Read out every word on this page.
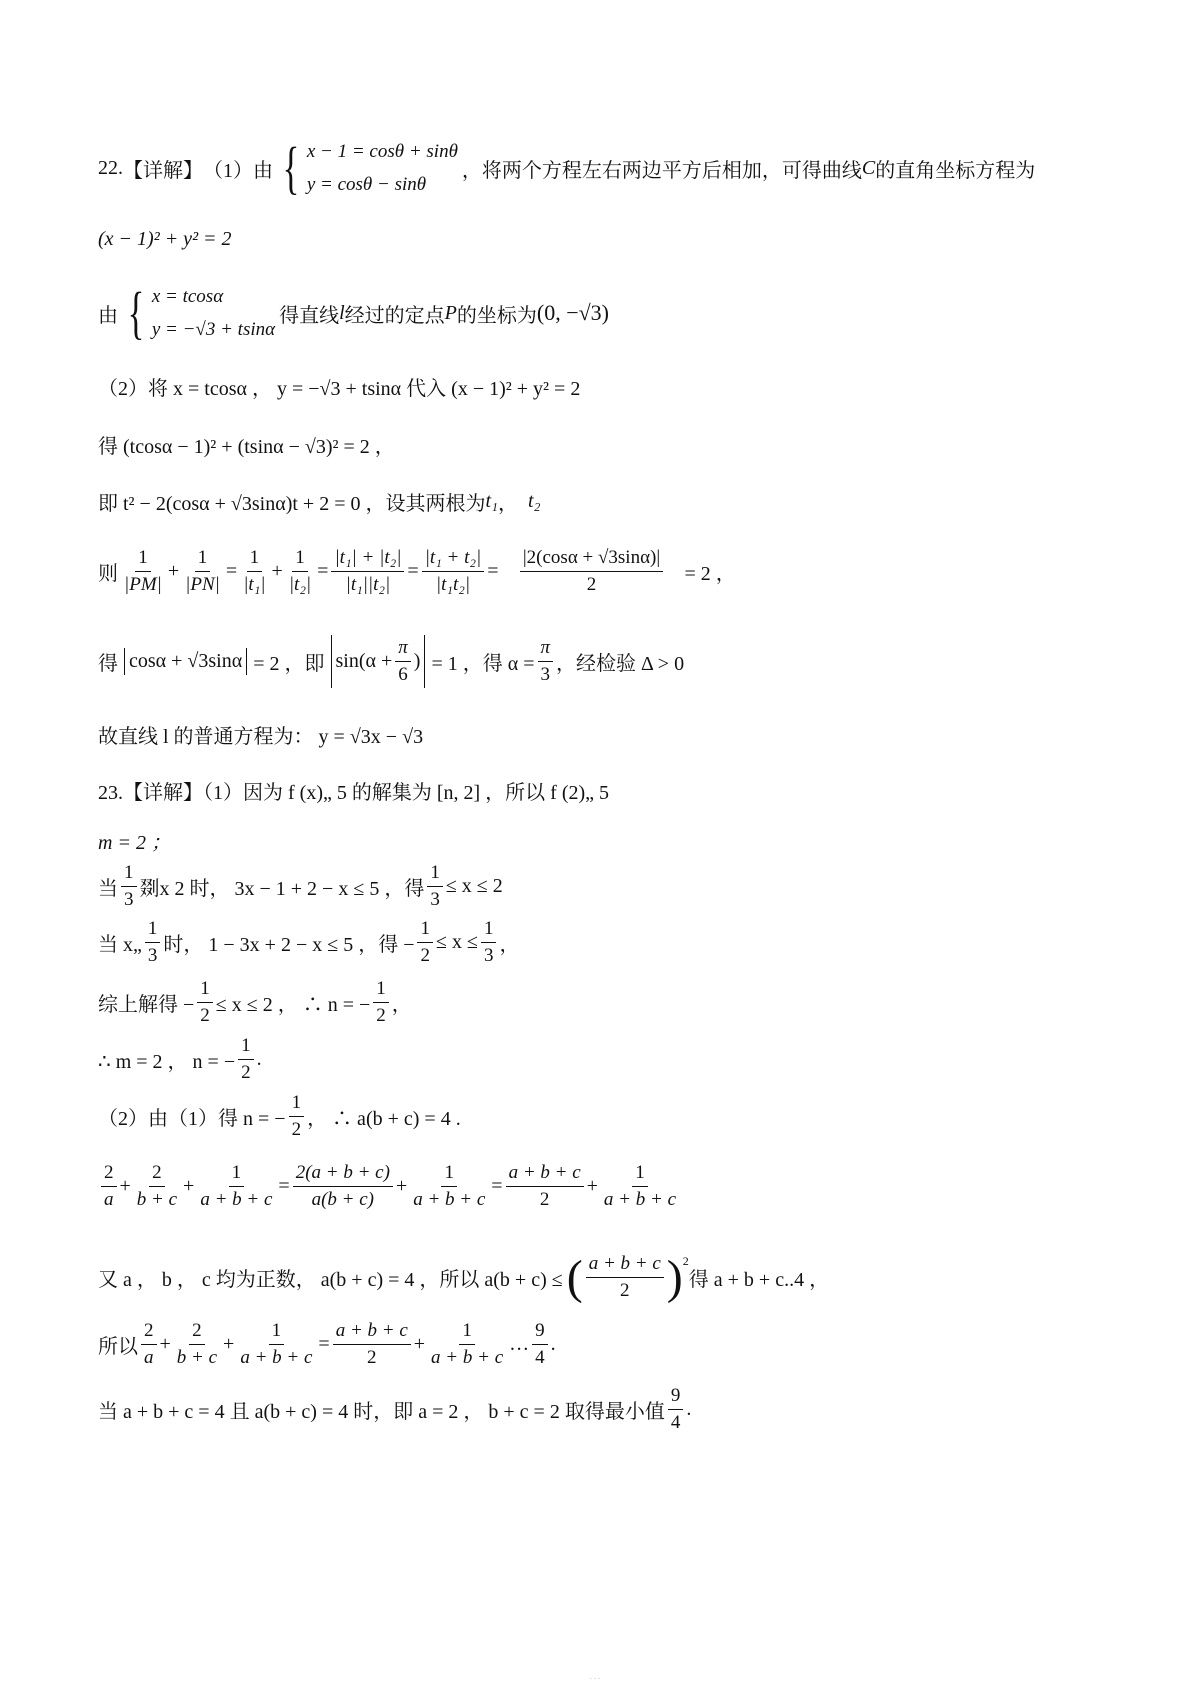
22. 【详解】 （1）由 { x − 1 = cosθ + sinθ
y = cosθ − sinθ
，将两个方程左右两边平方后相加，可得曲线 C 的直角坐标方程为
(x − 1)² + y² = 2
由 { x = tcosα
y = −√3 + tsinα
得直线 l 经过的定点 P 的坐标为 (0, −√3)
（2）将 x = tcosα ， y = −√3 + tsinα 代入 (x − 1)² + y² = 2
得 (tcosα − 1)² + (tsinα − √3)² = 2 ，
即 t² − 2(cosα + √3sinα)t + 2 = 0 ，设其两根为 t₁ ， t₂
则 $\frac{1}{|PM|} + \frac{1}{|PN|} = \frac{1}{\text{|t₁|}} + \frac{1}{\text{|t₂|}} = \frac{\text{|t₁| + |t₂|}}{\text{|t₁||t₂|}} = \frac{\text{|t₁ + t₂|}}{\text{|t₁t₂|}} = \frac{|2(\cos\alpha + √3\sin\alpha)|}{2} = 2$ ，
得 cosα + √3sinα = 2 ，即 $\sin(\alpha + \frac{\pi}{6}$ ) = 1 ，得 $\alpha = \frac{\pi}{3}$ ，经检验 Δ > 0
故直线 l 的普通方程为： y = √3x − √3
23.【详解】（1）因为 f (x)„ 5 的解集为 [n, 2] ，所以 f (2)„ 5
m = 2 ；
当 $\frac{1}{3}$ 剟x 2 时， 3x − 1 + 2 − x ≤ 5 ，得 $\frac{1}{3} \le x \le 2$
当 x„ $\frac{1}{3}$ 时， 1 − 3x + 2 − x ≤ 5 ，得 − $\frac{1}{2} \le x \le \frac{1}{3}$ ，
综上解得 − $\frac{1}{2} \le x \le 2$ ， ∴ n = − $\frac{1}{2}$ ，
∴ m = 2 ， n = − $\frac{1}{2}$ .
（2）由（1）得 n = − $\frac{1}{2}$ ， ∴ a(b + c) = 4 .
$\frac{2}{a} + \frac{2}{b + c} + \frac{1}{a + b + c} = \frac{2(a + b + c)}{a(b + c)} + \frac{1}{a + b + c} = \frac{a + b + c}{2} + \frac{1}{a + b + c}$
又 a ， b ， c 均为正数， a(b + c) = 4 ，所以 a(b + c) ≤ ( $\frac{a + b + c}{2} )^2$
得 a + b + c..4 ，
所以 $\frac{2}{a} + \frac{2}{b + c} + \frac{1}{a + b + c} = \frac{a + b + c}{2} + \frac{1}{a + b + c}$ … $\frac{9}{4}$ .
当 a + b + c = 4 且 a(b + c) = 4 时，即 a = 2 ， b + c = 2 取得最小值 $\frac{9}{4}$ .
. . .
